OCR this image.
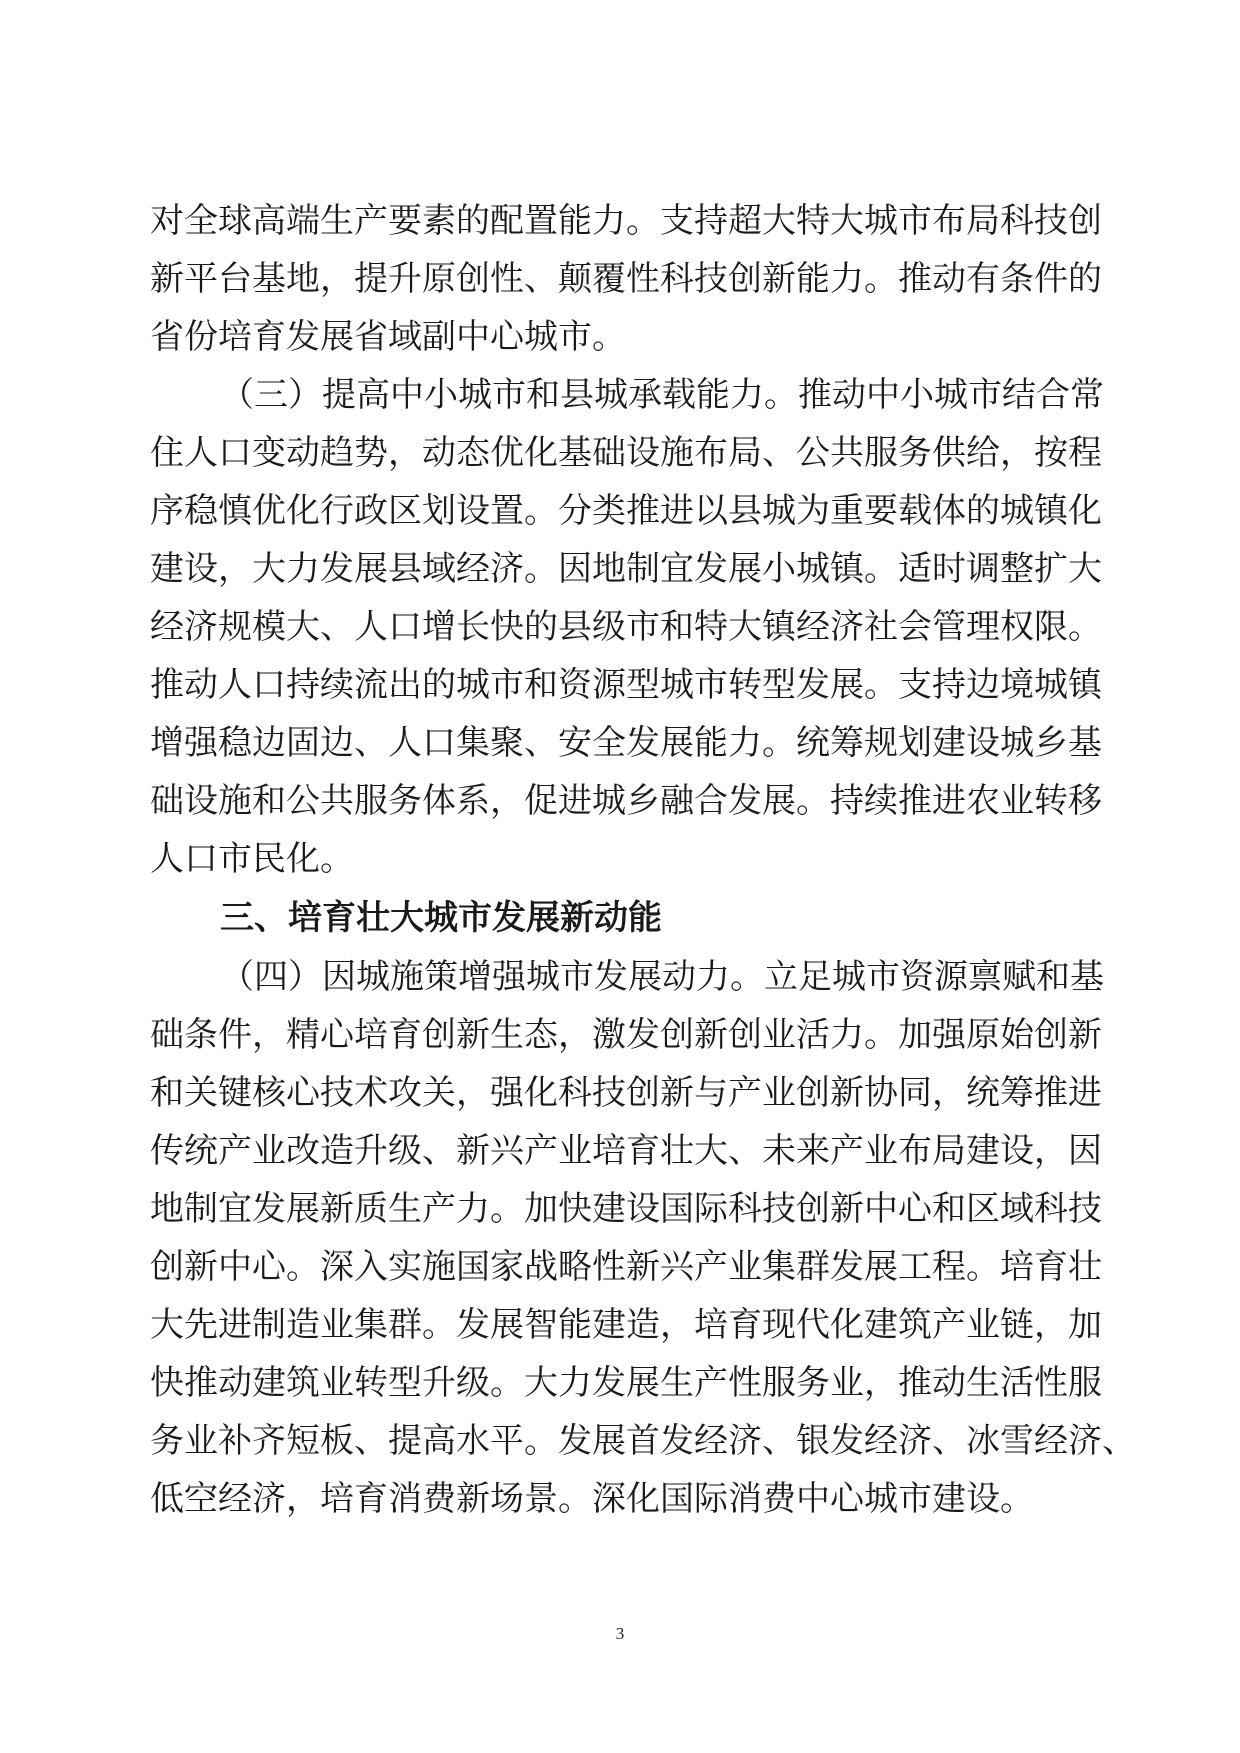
对全球高端生产要素的配置能力。支持超大特大城市布局科技创
新平台基地，提升原创性、颠覆性科技创新能力。推动有条件的
省份培育发展省域副中心城市。
（三）提高中小城市和县城承载能力。推动中小城市结合常
住人口变动趋势，动态优化基础设施布局、公共服务供给，按程
序稳慎优化行政区划设置。分类推进以县城为重要载体的城镇化
建设，大力发展县域经济。因地制宜发展小城镇。适时调整扩大
经济规模大、人口增长快的县级市和特大镇经济社会管理权限。
推动人口持续流出的城市和资源型城市转型发展。支持边境城镇
增强稳边固边、人口集聚、安全发展能力。统筹规划建设城乡基
础设施和公共服务体系，促进城乡融合发展。持续推进农业转移
人口市民化。
三、培育壮大城市发展新动能
（四）因城施策增强城市发展动力。立足城市资源禀赋和基
础条件，精心培育创新生态，激发创新创业活力。加强原始创新
和关键核心技术攻关，强化科技创新与产业创新协同，统筹推进
传统产业改造升级、新兴产业培育壮大、未来产业布局建设，因
地制宜发展新质生产力。加快建设国际科技创新中心和区域科技
创新中心。深入实施国家战略性新兴产业集群发展工程。培育壮
大先进制造业集群。发展智能建造，培育现代化建筑产业链，加
快推动建筑业转型升级。大力发展生产性服务业，推动生活性服
务业补齐短板、提高水平。发展首发经济、银发经济、冰雪经济、
低空经济，培育消费新场景。深化国际消费中心城市建设。
3
